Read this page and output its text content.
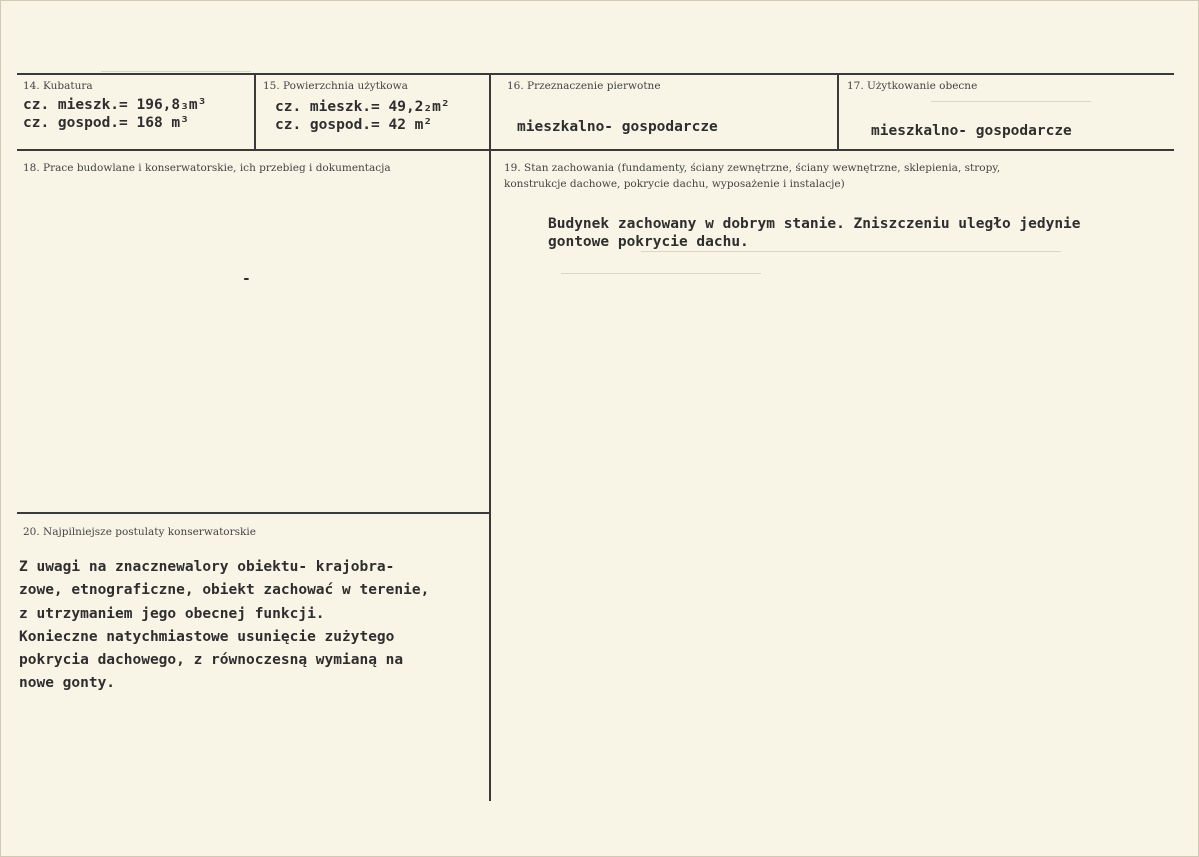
14. Kubatura
cz. mieszk.= 196,8₃m³
cz. gospod.= 168 m³
15. Powierzchnia użytkowa
cz. mieszk.= 49,2₂m²
cz. gospod.= 42 m²
16. Przeznaczenie pierwotne
mieszkalno- gospodarcze
17. Użytkowanie obecne
mieszkalno- gospodarcze
18. Prace budowlane i konserwatorskie, ich przebieg i dokumentacja
-
19. Stan zachowania (fundamenty, ściany zewnętrzne, ściany wewnętrzne, sklepienia, stropy,
konstrukcje dachowe, pokrycie dachu, wyposażenie i instalacje)
Budynek zachowany w dobrym stanie. Zniszczeniu uległo jedynie
gontowe pokrycie dachu.
20. Najpilniejsze postulaty konserwatorskie
Z uwagi na znacznewalory obiektu- krajobra-
zowe, etnograficzne, obiekt zachować w terenie,
z utrzymaniem jego obecnej funkcji.
Konieczne natychmiastowe usunięcie zużytego
pokrycia dachowego, z równoczesną wymianą na
nowe gonty.
